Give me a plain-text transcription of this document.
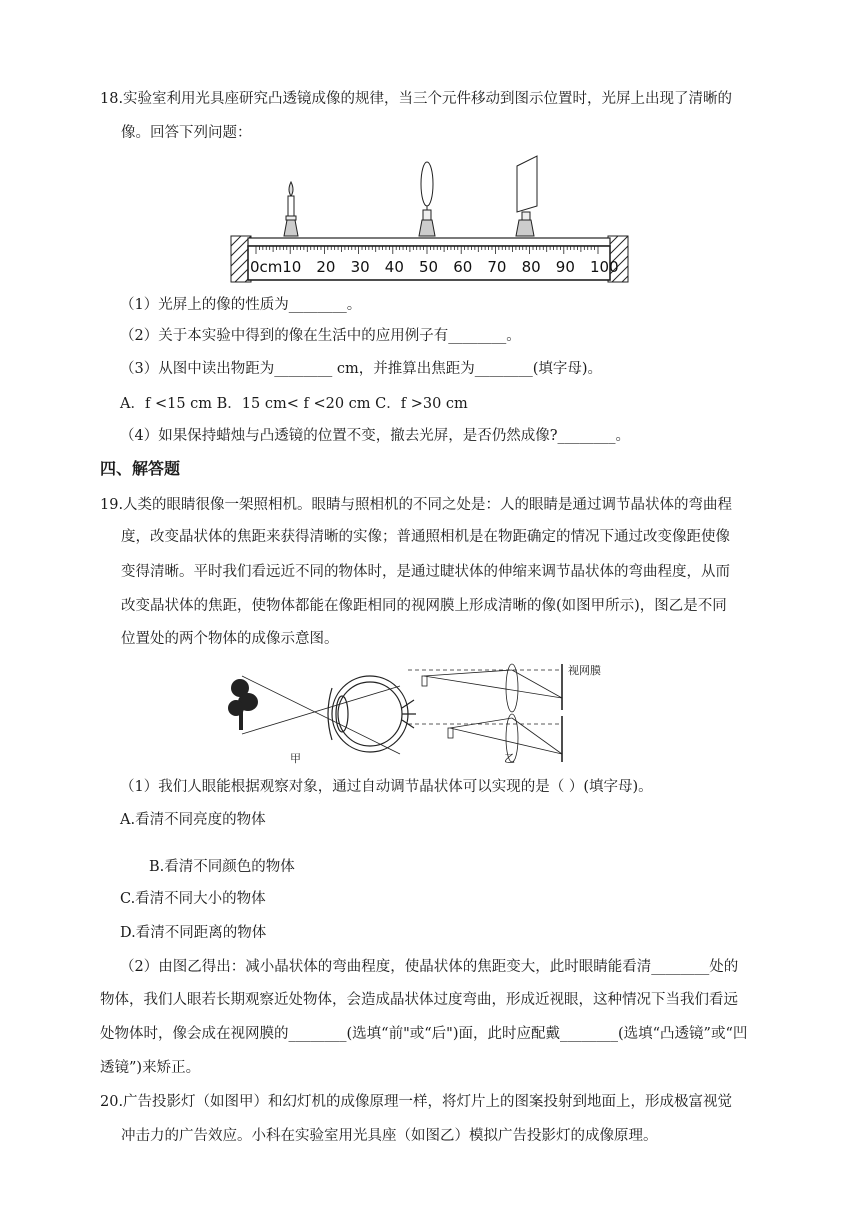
18.实验室利用光具座研究凸透镜成像的规律，当三个元件移动到图示位置时，光屏上出现了清晰的
像。回答下列问题：
0cm 10 20 30 40 50 60 70 80 90 100
（1）光屏上的像的性质为________。
（2）关于本实验中得到的像在生活中的应用例子有________。
（3）从图中读出物距为________ cm，并推算出焦距为________(填字母)。
A．f <15 cm B．15 cm< f <20 cm C．f >30 cm
（4）如果保持蜡烛与凸透镜的位置不变，撤去光屏，是否仍然成像?________。
四、解答题
19.人类的眼睛很像一架照相机。眼睛与照相机的不同之处是：人的眼睛是通过调节晶状体的弯曲程
度，改变晶状体的焦距来获得清晰的实像；普通照相机是在物距确定的情况下通过改变像距使像
变得清晰。平时我们看远近不同的物体时，是通过睫状体的伸缩来调节晶状体的弯曲程度，从而
改变晶状体的焦距，使物体都能在像距相同的视网膜上形成清晰的像(如图甲所示)，图乙是不同
位置处的两个物体的成像示意图。
甲
视网膜
乙
（1）我们人眼能根据观察对象，通过自动调节晶状体可以实现的是（ ）(填字母)。
A.看清不同亮度的物体
B.看清不同颜色的物体
C.看清不同大小的物体
D.看清不同距离的物体
（2）由图乙得出：减小晶状体的弯曲程度，使晶状体的焦距变大，此时眼睛能看清________处的
物体，我们人眼若长期观察近处物体，会造成晶状体过度弯曲，形成近视眼，这种情况下当我们看远
处物体时，像会成在视网膜的________(选填“前"或“后")面，此时应配戴________(选填“凸透镜”或“凹
透镜”)来矫正。
20.广告投影灯（如图甲）和幻灯机的成像原理一样，将灯片上的图案投射到地面上，形成极富视觉
冲击力的广告效应。小科在实验室用光具座（如图乙）模拟广告投影灯的成像原理。
